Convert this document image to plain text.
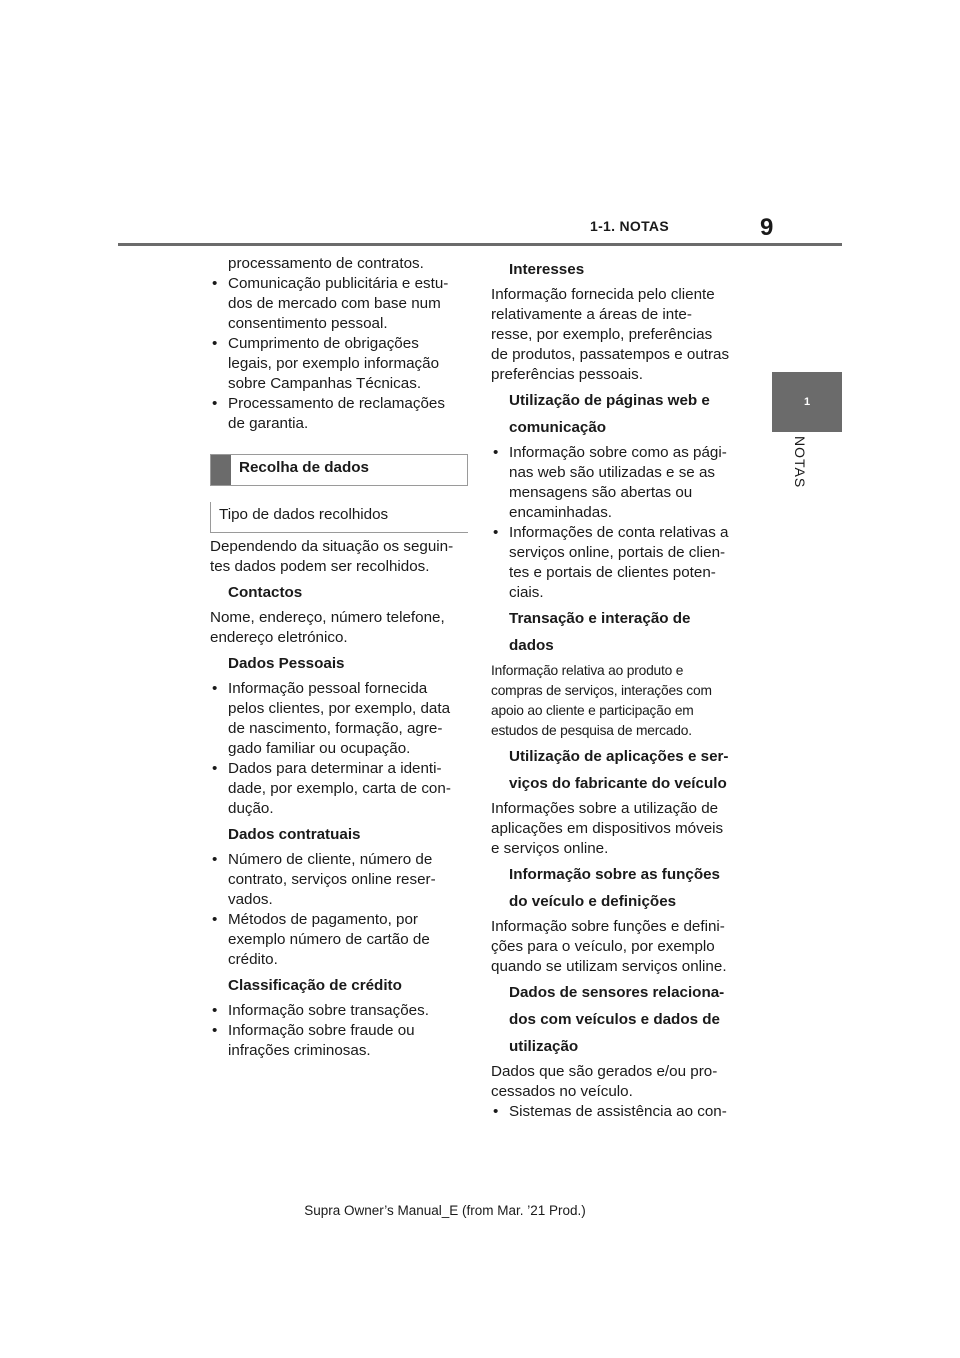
1-1. NOTAS	9
1
NOTAS

processamento de contratos.

• Comunicação publicitária e estu-

dos de mercado com base num

consentimento pessoal.

• Cumprimento de obrigações

legais, por exemplo informação

sobre Campanhas Técnicas.

• Processamento de reclamações

de garantia.

Recolha de dados
Tipo de dados recolhidos

Dependendo da situação os seguin-

tes dados podem ser recolhidos.

Contactos

Nome, endereço, número telefone,

endereço eletrónico.

Dados Pessoais

• Informação pessoal fornecida

pelos clientes, por exemplo, data

de nascimento, formação, agre-

gado familiar ou ocupação.

• Dados para determinar a identi-

dade, por exemplo, carta de con-

dução.

Dados contratuais

• Número de cliente, número de

contrato, serviços online reser-

vados.

• Métodos de pagamento, por

exemplo número de cartão de

crédito.

Classificação de crédito

• Informação sobre transações.

• Informação sobre fraude ou

infrações criminosas.

Interesses

Informação fornecida pelo cliente

relativamente a áreas de inte-

resse, por exemplo, preferências

de produtos, passatempos e outras

preferências pessoais.

Utilização de páginas web e

comunicação

• Informação sobre como as pági-

nas web são utilizadas e se as

mensagens são abertas ou

encaminhadas.

• Informações de conta relativas a

serviços online, portais de clien-

tes e portais de clientes poten-

ciais.

Transação e interação de

dados

Informação relativa ao produto e

compras de serviços, interações com

apoio ao cliente e participação em

estudos de pesquisa de mercado.

Utilização de aplicações e ser-

viços do fabricante do veículo

Informações sobre a utilização de

aplicações em dispositivos móveis

e serviços online.

Informação sobre as funções

do veículo e definições

Informação sobre funções e defini-

ções para o veículo, por exemplo

quando se utilizam serviços online.

Dados de sensores relaciona-

dos com veículos e dados de

utilização

Dados que são gerados e/ou pro-

cessados no veículo.

• Sistemas de assistência ao con-

Supra Owner’s Manual_E (from Mar. ’21 Prod.)
